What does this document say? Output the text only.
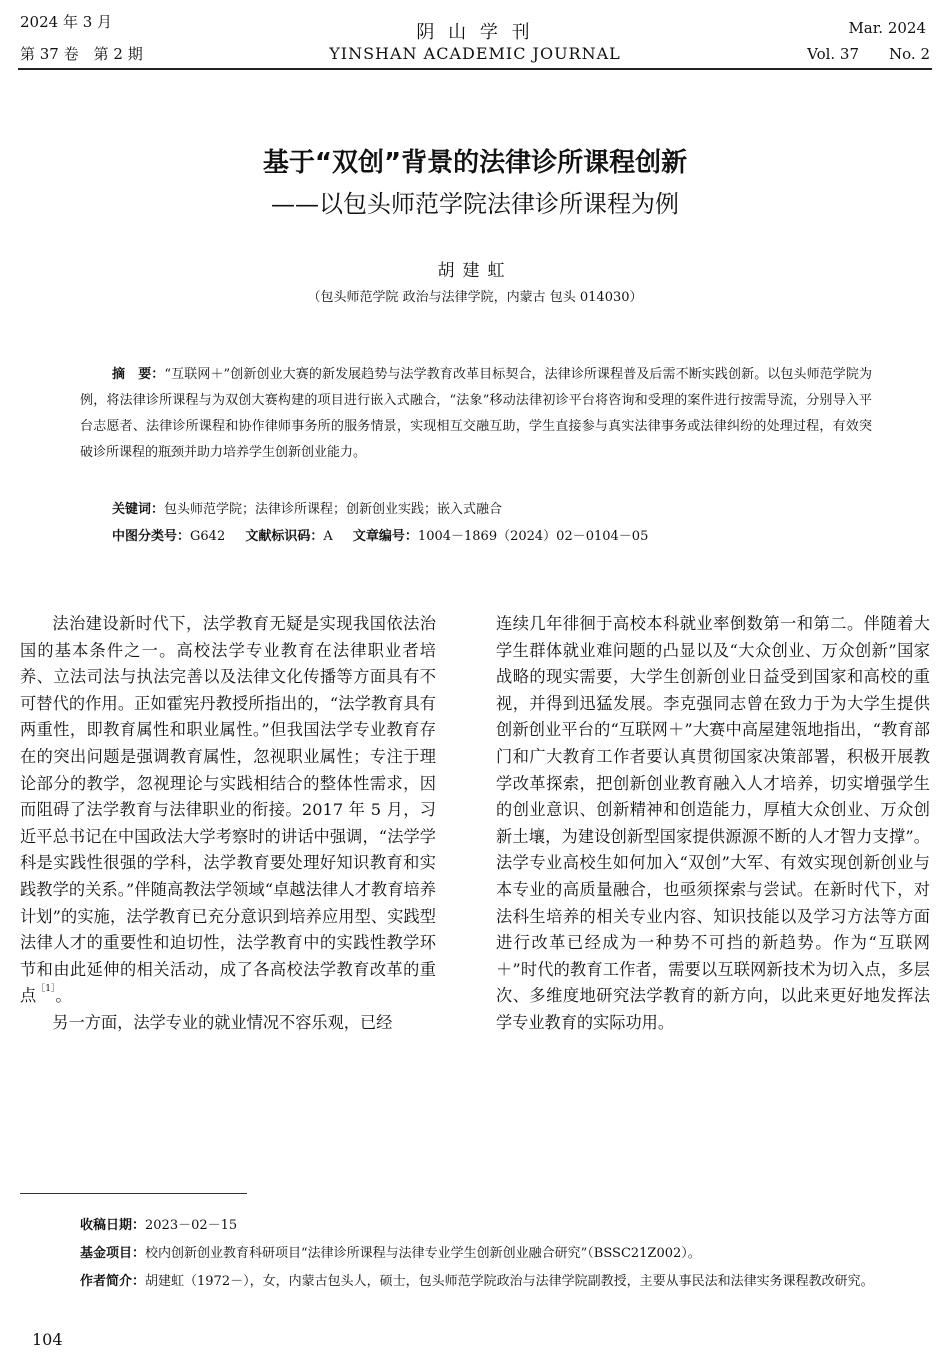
2024 年 3 月
第 37 卷　第 2 期
阴 山 学 刊
YINSHAN ACADEMIC JOURNAL
Mar. 2024
Vol. 37　　No. 2
基于“双创”背景的法律诊所课程创新
——以包头师范学院法律诊所课程为例
胡建虹
（包头师范学院 政治与法律学院，内蒙古 包头 014030）
摘　要：“互联网＋”创新创业大赛的新发展趋势与法学教育改革目标契合，法律诊所课程普及后需不断实践创新。以包头师范学院为例，将法律诊所课程与为双创大赛构建的项目进行嵌入式融合，“法象”移动法律初诊平台将咨询和受理的案件进行按需导流，分别导入平台志愿者、法律诊所课程和协作律师事务所的服务情景，实现相互交融互助，学生直接参与真实法律事务或法律纠纷的处理过程，有效突破诊所课程的瓶颈并助力培养学生创新创业能力。
关键词：包头师范学院；法律诊所课程；创新创业实践；嵌入式融合
中图分类号：G642 文献标识码：A 文章编号：1004－1869（2024）02－0104－05

法治建设新时代下，法学教育无疑是实现我国依法治国的基本条件之一。高校法学专业教育在法律职业者培养、立法司法与执法完善以及法律文化传播等方面具有不可替代的作用。正如霍宪丹教授所指出的，“法学教育具有两重性，即教育属性和职业属性。”但我国法学专业教育存在的突出问题是强调教育属性，忽视职业属性；专注于理论部分的教学，忽视理论与实践相结合的整体性需求，因而阻碍了法学教育与法律职业的衔接。2017 年 5 月，习近平总书记在中国政法大学考察时的讲话中强调，“法学学科是实践性很强的学科，法学教育要处理好知识教育和实践教学的关系。”伴随高教法学领域“卓越法律人才教育培养计划”的实施，法学教育已充分意识到培养应用型、实践型法律人才的重要性和迫切性，法学教育中的实践性教学环节和由此延伸的相关活动，成了各高校法学教育改革的重点$^{[1]}$。

另一方面，法学专业的就业情况不容乐观，已经

连续几年徘徊于高校本科就业率倒数第一和第二。伴随着大学生群体就业难问题的凸显以及“大众创业、万众创新”国家战略的现实需要，大学生创新创业日益受到国家和高校的重视，并得到迅猛发展。李克强同志曾在致力于为大学生提供创新创业平台的“互联网＋”大赛中高屋建瓴地指出，“教育部门和广大教育工作者要认真贯彻国家决策部署，积极开展教学改革探索，把创新创业教育融入人才培养，切实增强学生的创业意识、创新精神和创造能力，厚植大众创业、万众创新土壤，为建设创新型国家提供源源不断的人才智力支撑”。法学专业高校生如何加入“双创”大军、有效实现创新创业与本专业的高质量融合，也亟须探索与尝试。在新时代下，对法科生培养的相关专业内容、知识技能以及学习方法等方面进行改革已经成为一种势不可挡的新趋势。作为“互联网＋”时代的教育工作者，需要以互联网新技术为切入点，多层次、多维度地研究法学教育的新方向，以此来更好地发挥法学专业教育的实际功用。

收稿日期：2023－02－15
基金项目：校内创新创业教育科研项目“法律诊所课程与法律专业学生创新创业融合研究”（BSSC21Z002）。
作者简介：胡建虹（1972－），女，内蒙古包头人，硕士，包头师范学院政治与法律学院副教授，主要从事民法和法律实务课程教改研究。
104
